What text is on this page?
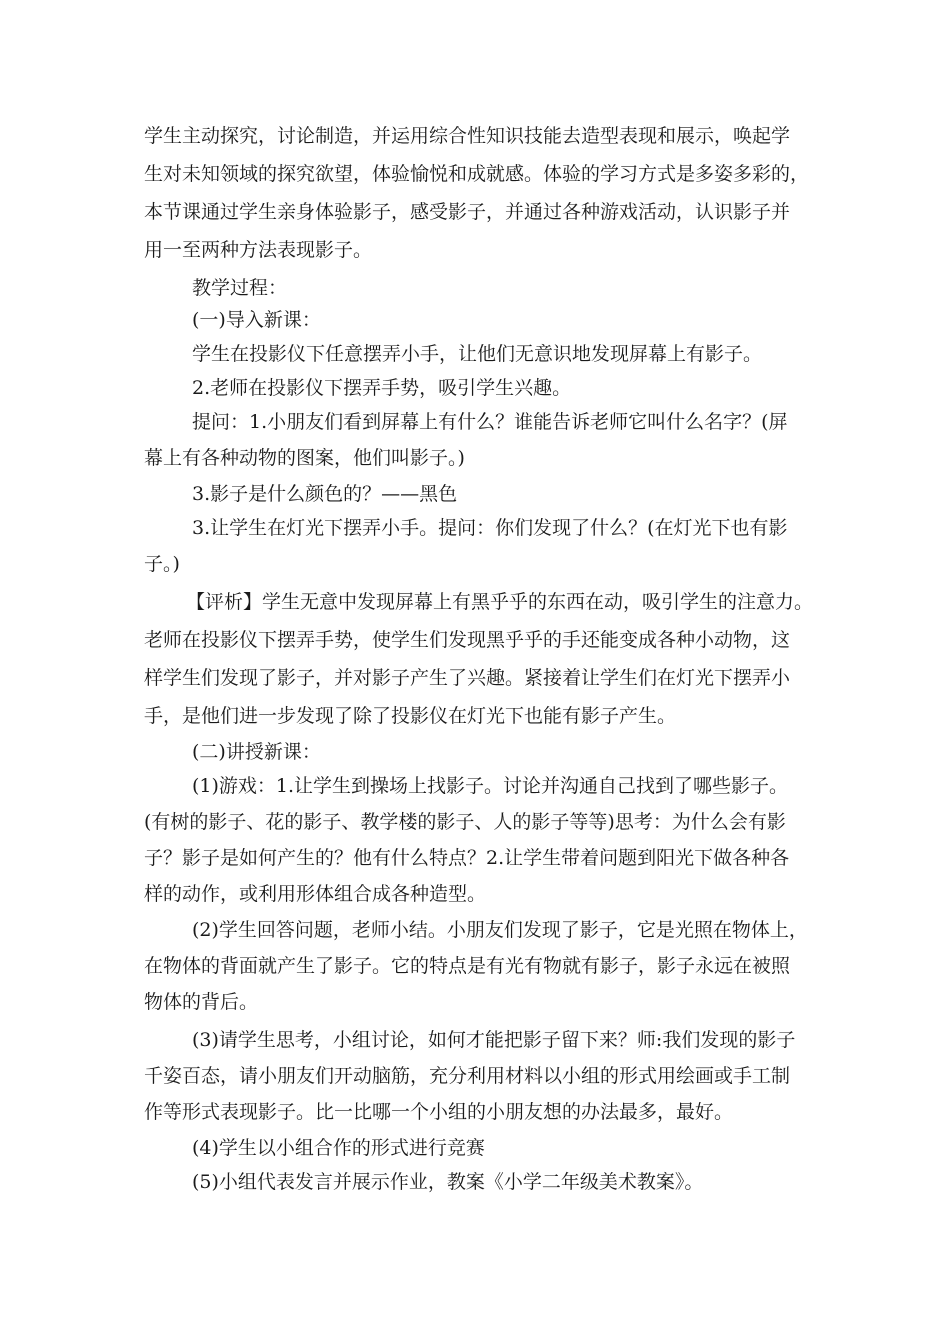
学生主动探究，讨论制造，并运用综合性知识技能去造型表现和展示，唤起学
生对未知领域的探究欲望，体验愉悦和成就感。体验的学习方式是多姿多彩的，
本节课通过学生亲身体验影子，感受影子，并通过各种游戏活动，认识影子并
用一至两种方法表现影子。
教学过程：
(一)导入新课：
学生在投影仪下任意摆弄小手，让他们无意识地发现屏幕上有影子。
2.老师在投影仪下摆弄手势，吸引学生兴趣。
提问：1.小朋友们看到屏幕上有什么？谁能告诉老师它叫什么名字？(屏
幕上有各种动物的图案，他们叫影子。)
3.影子是什么颜色的？——黑色
3.让学生在灯光下摆弄小手。提问：你们发现了什么？(在灯光下也有影
子。)
【评析】学生无意中发现屏幕上有黑乎乎的东西在动，吸引学生的注意力。
老师在投影仪下摆弄手势，使学生们发现黑乎乎的手还能变成各种小动物，这
样学生们发现了影子，并对影子产生了兴趣。紧接着让学生们在灯光下摆弄小
手，是他们进一步发现了除了投影仪在灯光下也能有影子产生。
(二)讲授新课：
(1)游戏：1.让学生到操场上找影子。讨论并沟通自己找到了哪些影子。
(有树的影子、花的影子、教学楼的影子、人的影子等等)思考：为什么会有影
子？影子是如何产生的？他有什么特点？2.让学生带着问题到阳光下做各种各
样的动作，或利用形体组合成各种造型。
(2)学生回答问题，老师小结。小朋友们发现了影子，它是光照在物体上，
在物体的背面就产生了影子。它的特点是有光有物就有影子，影子永远在被照
物体的背后。
(3)请学生思考，小组讨论，如何才能把影子留下来？师:我们发现的影子
千姿百态，请小朋友们开动脑筋，充分利用材料以小组的形式用绘画或手工制
作等形式表现影子。比一比哪一个小组的小朋友想的办法最多，最好。
(4)学生以小组合作的形式进行竞赛
(5)小组代表发言并展示作业，教案《小学二年级美术教案》。
